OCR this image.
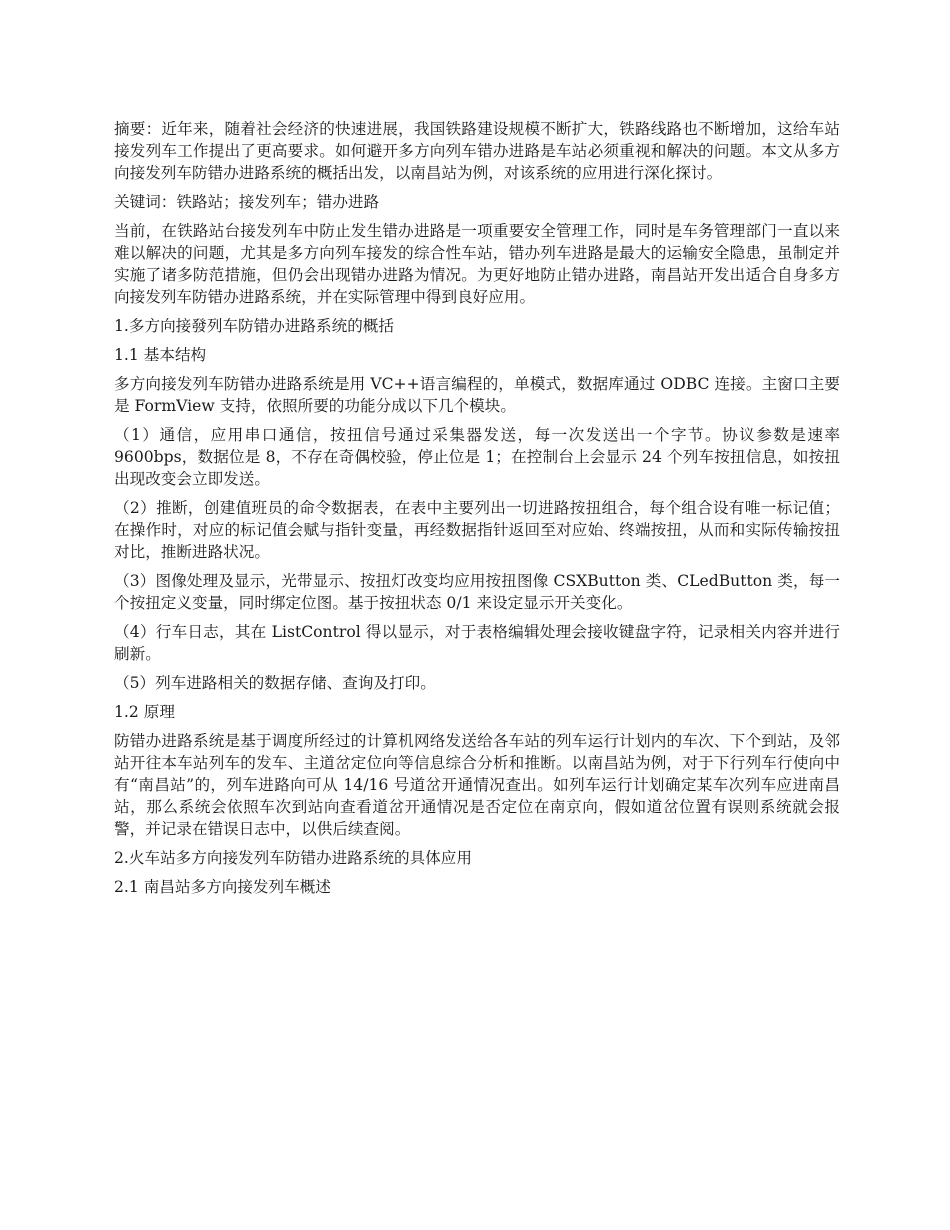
摘要：近年来，随着社会经济的快速进展，我国铁路建设规模不断扩大，铁路线路也不断增加，这给车站接发列车工作提出了更高要求。如何避开多方向列车错办进路是车站必须重视和解决的问题。本文从多方向接发列车防错办进路系统的概括出发，以南昌站为例，对该系统的应用进行深化探讨。

关键词：铁路站；接发列车；错办进路

当前，在铁路站台接发列车中防止发生错办进路是一项重要安全管理工作，同时是车务管理部门一直以来难以解决的问题，尤其是多方向列车接发的综合性车站，错办列车进路是最大的运输安全隐患，虽制定并实施了诸多防范措施，但仍会出现错办进路为情况。为更好地防止错办进路，南昌站开发出适合自身多方向接发列车防错办进路系统，并在实际管理中得到良好应用。

1.多方向接發列车防错办进路系统的概括

1.1 基本结构

多方向接发列车防错办进路系统是用 VC++语言编程的，单模式，数据库通过 ODBC 连接。主窗口主要是 FormView 支持，依照所要的功能分成以下几个模块。

（1）通信，应用串口通信，按扭信号通过采集器发送，每一次发送出一个字节。协议参数是速率 9600bps，数据位是 8，不存在奇偶校验，停止位是 1；在控制台上会显示 24 个列车按扭信息，如按扭出现改变会立即发送。

（2）推断，创建值班员的命令数据表，在表中主要列出一切进路按扭组合，每个组合设有唯一标记值；在操作时，对应的标记值会赋与指针变量，再经数据指针返回至对应始、终端按扭，从而和实际传输按扭对比，推断进路状况。

（3）图像处理及显示，光带显示、按扭灯改变均应用按扭图像 CSXButton 类、CLedButton 类，每一个按扭定义变量，同时绑定位图。基于按扭状态 0/1 来设定显示开关变化。

（4）行车日志，其在 ListControl 得以显示，对于表格编辑处理会接收键盘字符，记录相关内容并进行刷新。

（5）列车进路相关的数据存储、查询及打印。

1.2 原理

防错办进路系统是基于调度所经过的计算机网络发送给各车站的列车运行计划内的车次、下个到站，及邻站开往本车站列车的发车、主道岔定位向等信息综合分析和推断。以南昌站为例，对于下行列车行使向中有“南昌站”的，列车进路向可从 14/16 号道岔开通情况查出。如列车运行计划确定某车次列车应进南昌站，那么系统会依照车次到站向查看道岔开通情况是否定位在南京向，假如道岔位置有误则系统就会报警，并记录在错误日志中，以供后续查阅。

2.火车站多方向接发列车防错办进路系统的具体应用

2.1 南昌站多方向接发列车概述
